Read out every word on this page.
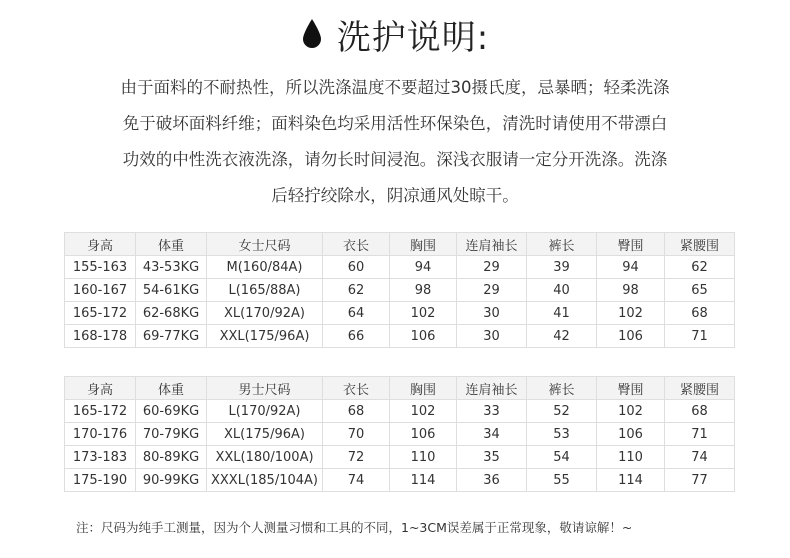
洗护说明:
由于面料的不耐热性，所以洗涤温度不要超过30摄氏度，忌暴晒；轻柔洗涤
免于破坏面料纤维；面料染色均采用活性环保染色，清洗时请使用不带漂白
功效的中性洗衣液洗涤，请勿长时间浸泡。深浅衣服请一定分开洗涤。洗涤
后轻拧绞除水，阴凉通风处晾干。
身高	体重	女士尺码	衣长	胸围	连肩袖长	裤长	臀围	紧腰围
155-163	43-53KG	M(160/84A)	60	94	29	39	94	62
160-167	54-61KG	L(165/88A)	62	98	29	40	98	65
165-172	62-68KG	XL(170/92A)	64	102	30	41	102	68
168-178	69-77KG	XXL(175/96A)	66	106	30	42	106	71
身高	体重	男士尺码	衣长	胸围	连肩袖长	裤长	臀围	紧腰围
165-172	60-69KG	L(170/92A)	68	102	33	52	102	68
170-176	70-79KG	XL(175/96A)	70	106	34	53	106	71
173-183	80-89KG	XXL(180/100A)	72	110	35	54	110	74
175-190	90-99KG	XXXL(185/104A)	74	114	36	55	114	77
注：尺码为纯手工测量，因为个人测量习惯和工具的不同，1~3CM误差属于正常现象，敬请谅解！~
